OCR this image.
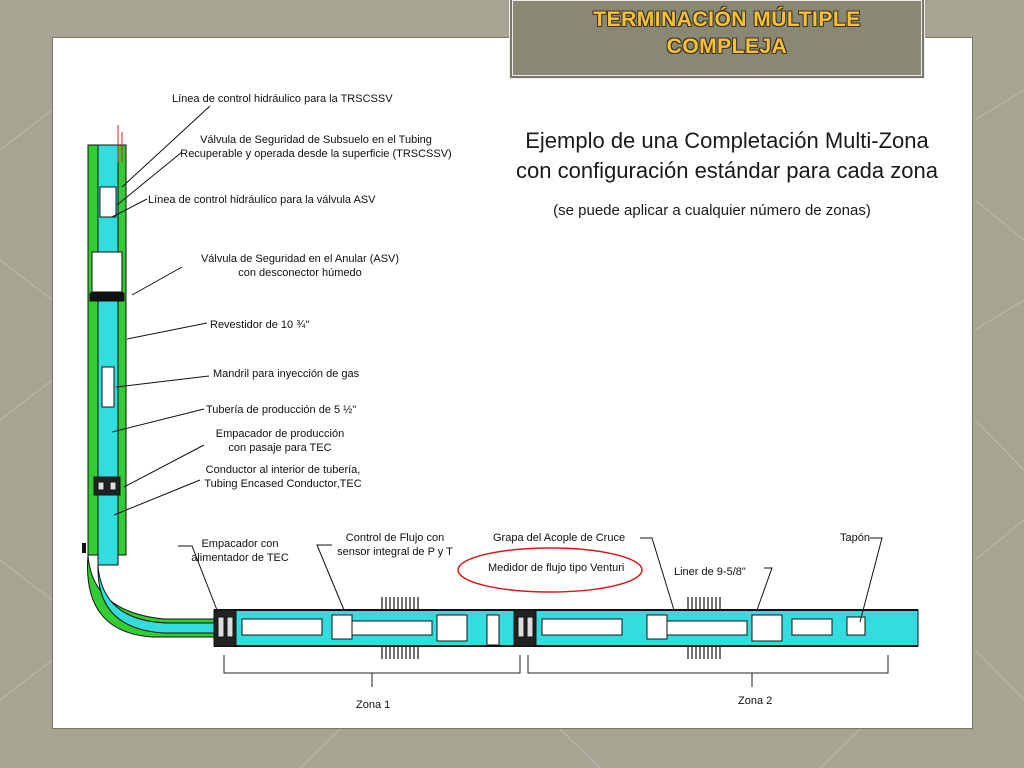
TERMINACIÓN MÚLTIPLE
COMPLEJA
Ejemplo de una Completación Multi-Zona
con configuración estándar para cada zona
(se puede aplicar a cualquier número de zonas)
Línea de control hidráulico para la TRSCSSV
Válvula de Seguridad de Subsuelo en el Tubing
Recuperable y operada desde la superficie (TRSCSSV)
Línea de control hidráulico para la válvula ASV
Válvula de Seguridad en el Anular (ASV)
con desconector húmedo
Revestidor de 10 ¾"
Mandril para inyección de gas
Tubería de producción de 5 ½"
Empacador de producción
con pasaje para TEC
Conductor al interior de tubería,
Tubing Encased Conductor,TEC
Empacador con
alimentador de TEC
Control de Flujo con
sensor integral de P y T
Grapa del Acople de Cruce
Medidor de flujo tipo Venturi	Liner de 9-5/8"
Tapón
Zona 1	Zona 2
